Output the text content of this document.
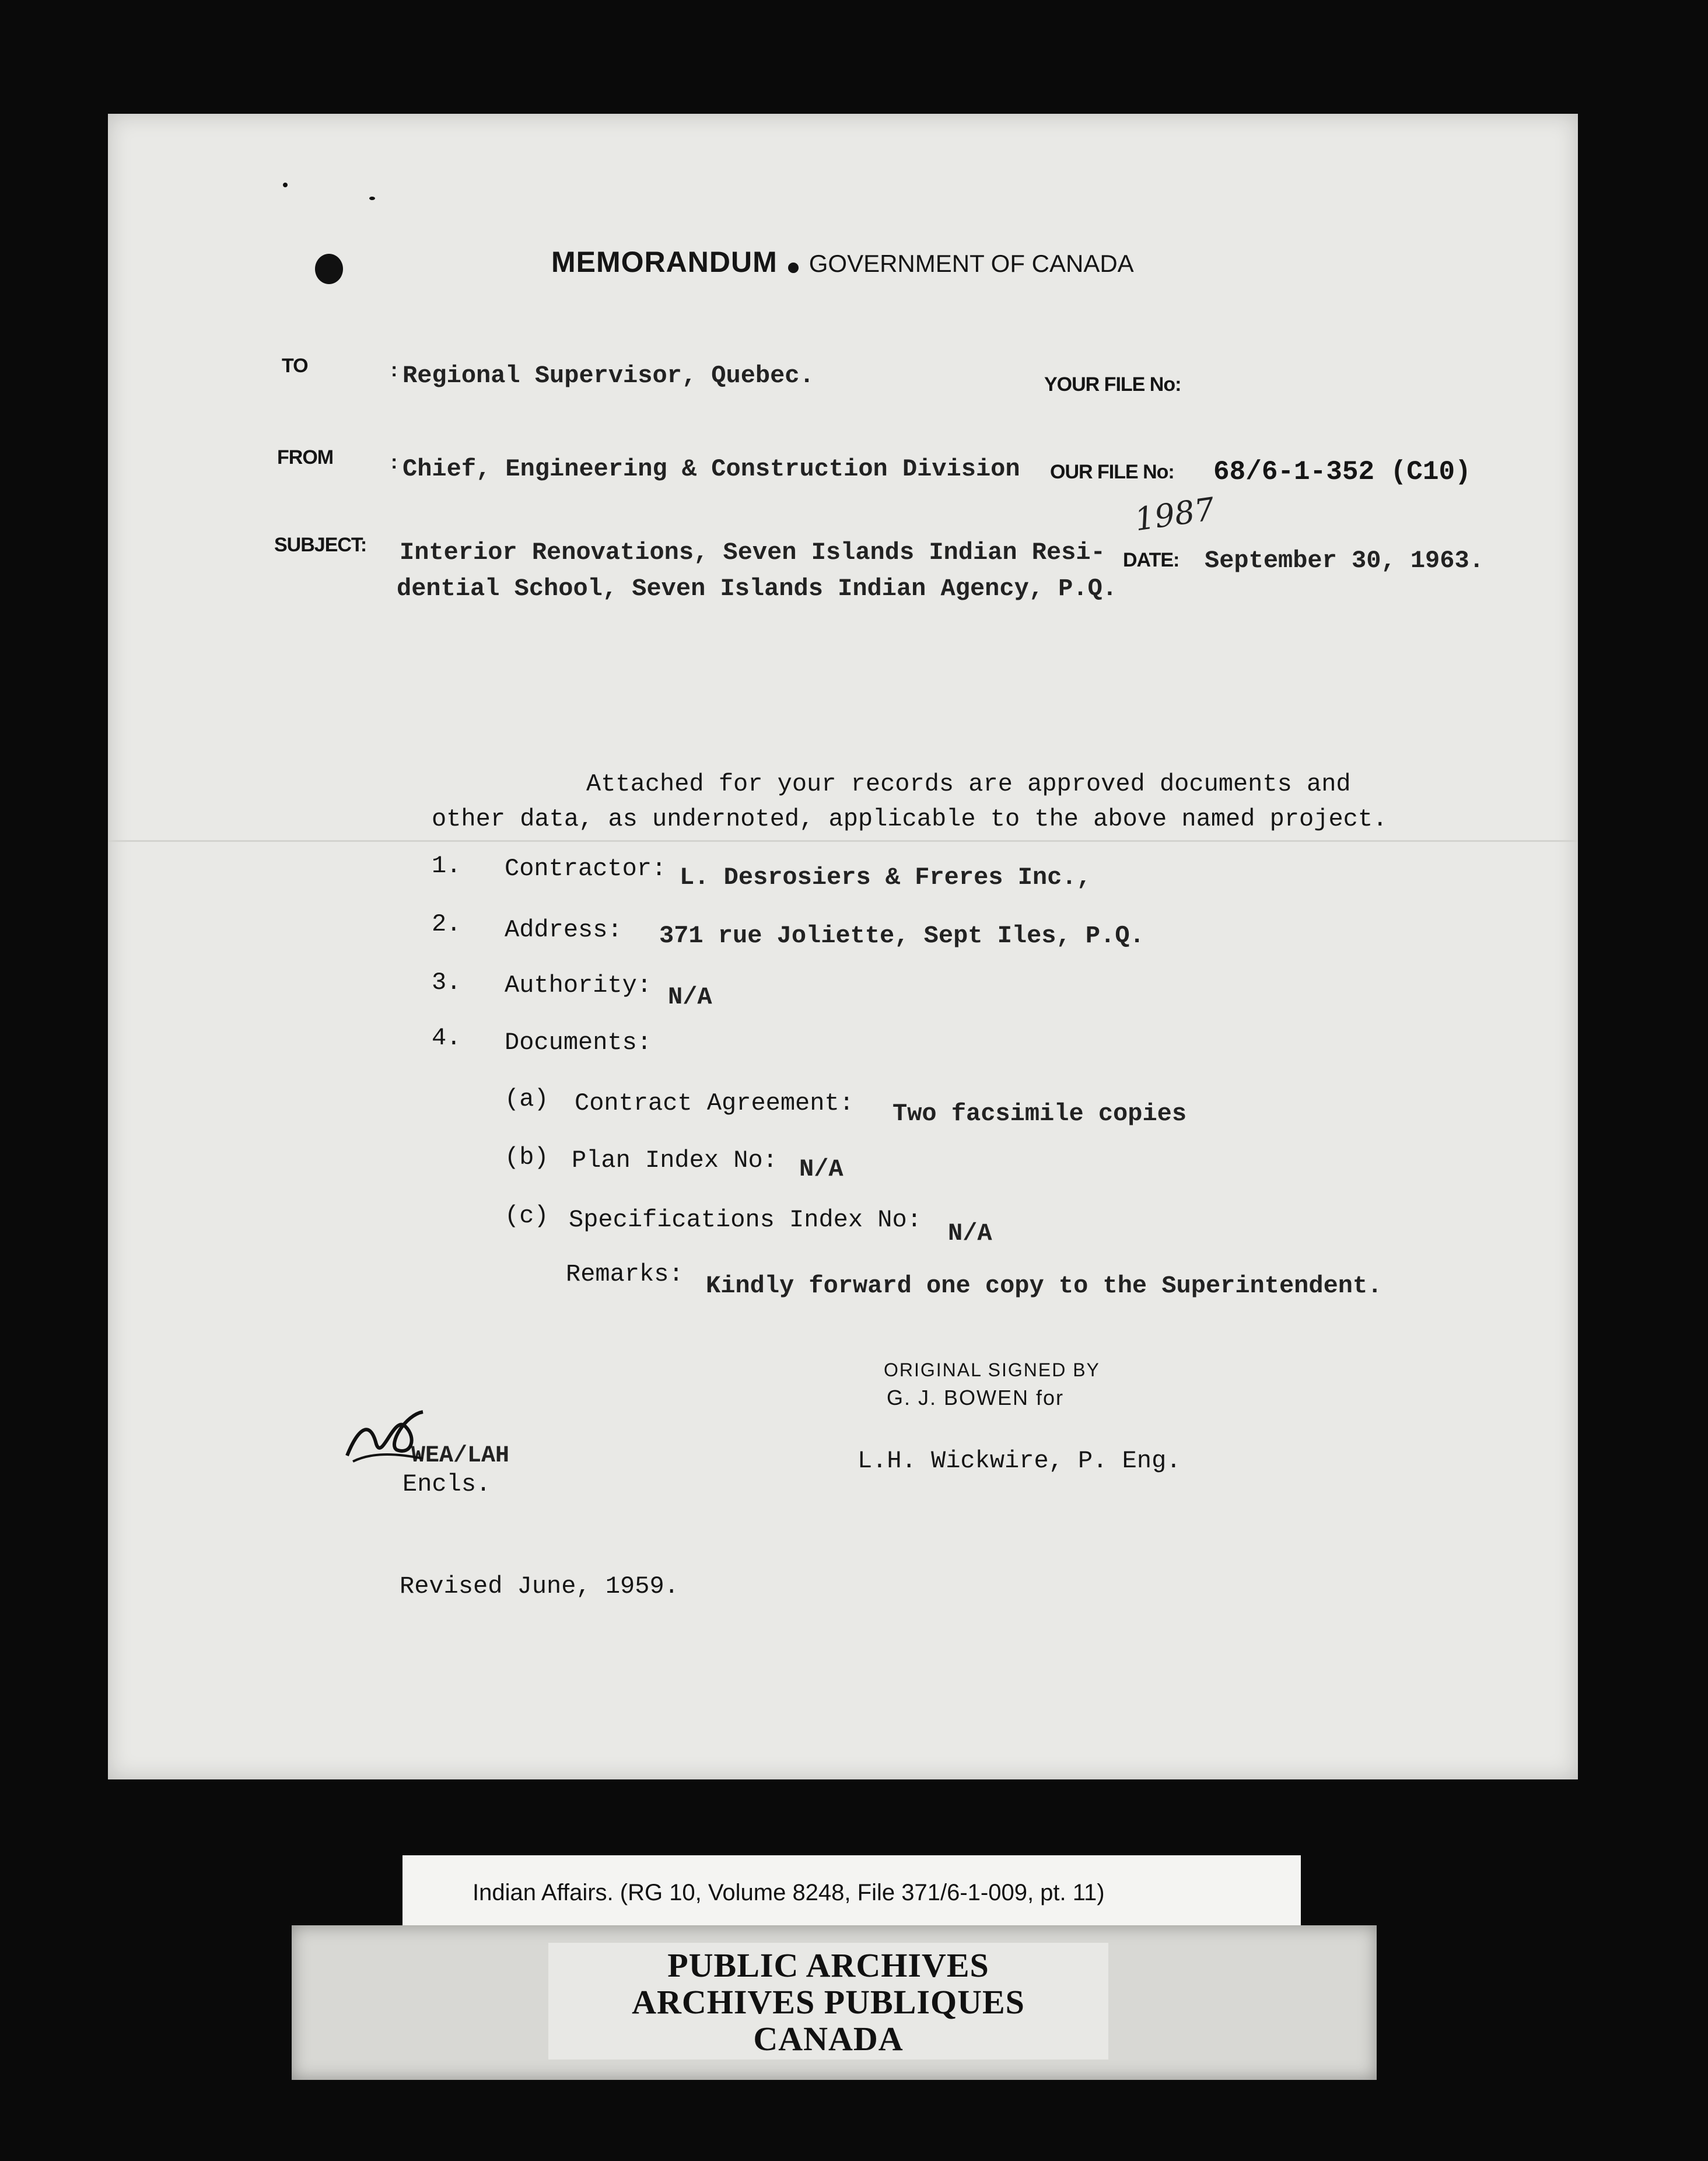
MEMORANDUM GOVERNMENT OF CANADA
TO	: Regional Supervisor, Quebec.	YOUR FILE No:
FROM	: Chief, Engineering & Construction Division OUR FILE No: 68/6-1-352 (C10)
1987
SUBJECT: Interior Renovations, Seven Islands Indian Resi-
dential School, Seven Islands Indian Agency, P.Q.
DATE: September 30, 1963.
Attached for your records are approved documents and
other data, as undernoted, applicable to the above named project.
1. Contractor: L. Desrosiers & Freres Inc.,
2. Address: 371 rue Joliette, Sept Iles, P.Q.
3. Authority: N/A
4. Documents:
(a) Contract Agreement: Two facsimile copies
(b) Plan Index No: N/A
(c) Specifications Index No: N/A
Remarks: Kindly forward one copy to the Superintendent.
ORIGINAL SIGNED BY
G. J. BOWEN for
L.H. Wickwire, P. Eng.
WEA/LAH
Encls.
Revised June, 1959.
Indian Affairs. (RG 10, Volume 8248, File 371/6-1-009, pt. 11)
PUBLIC ARCHIVES
ARCHIVES PUBLIQUES
CANADA
